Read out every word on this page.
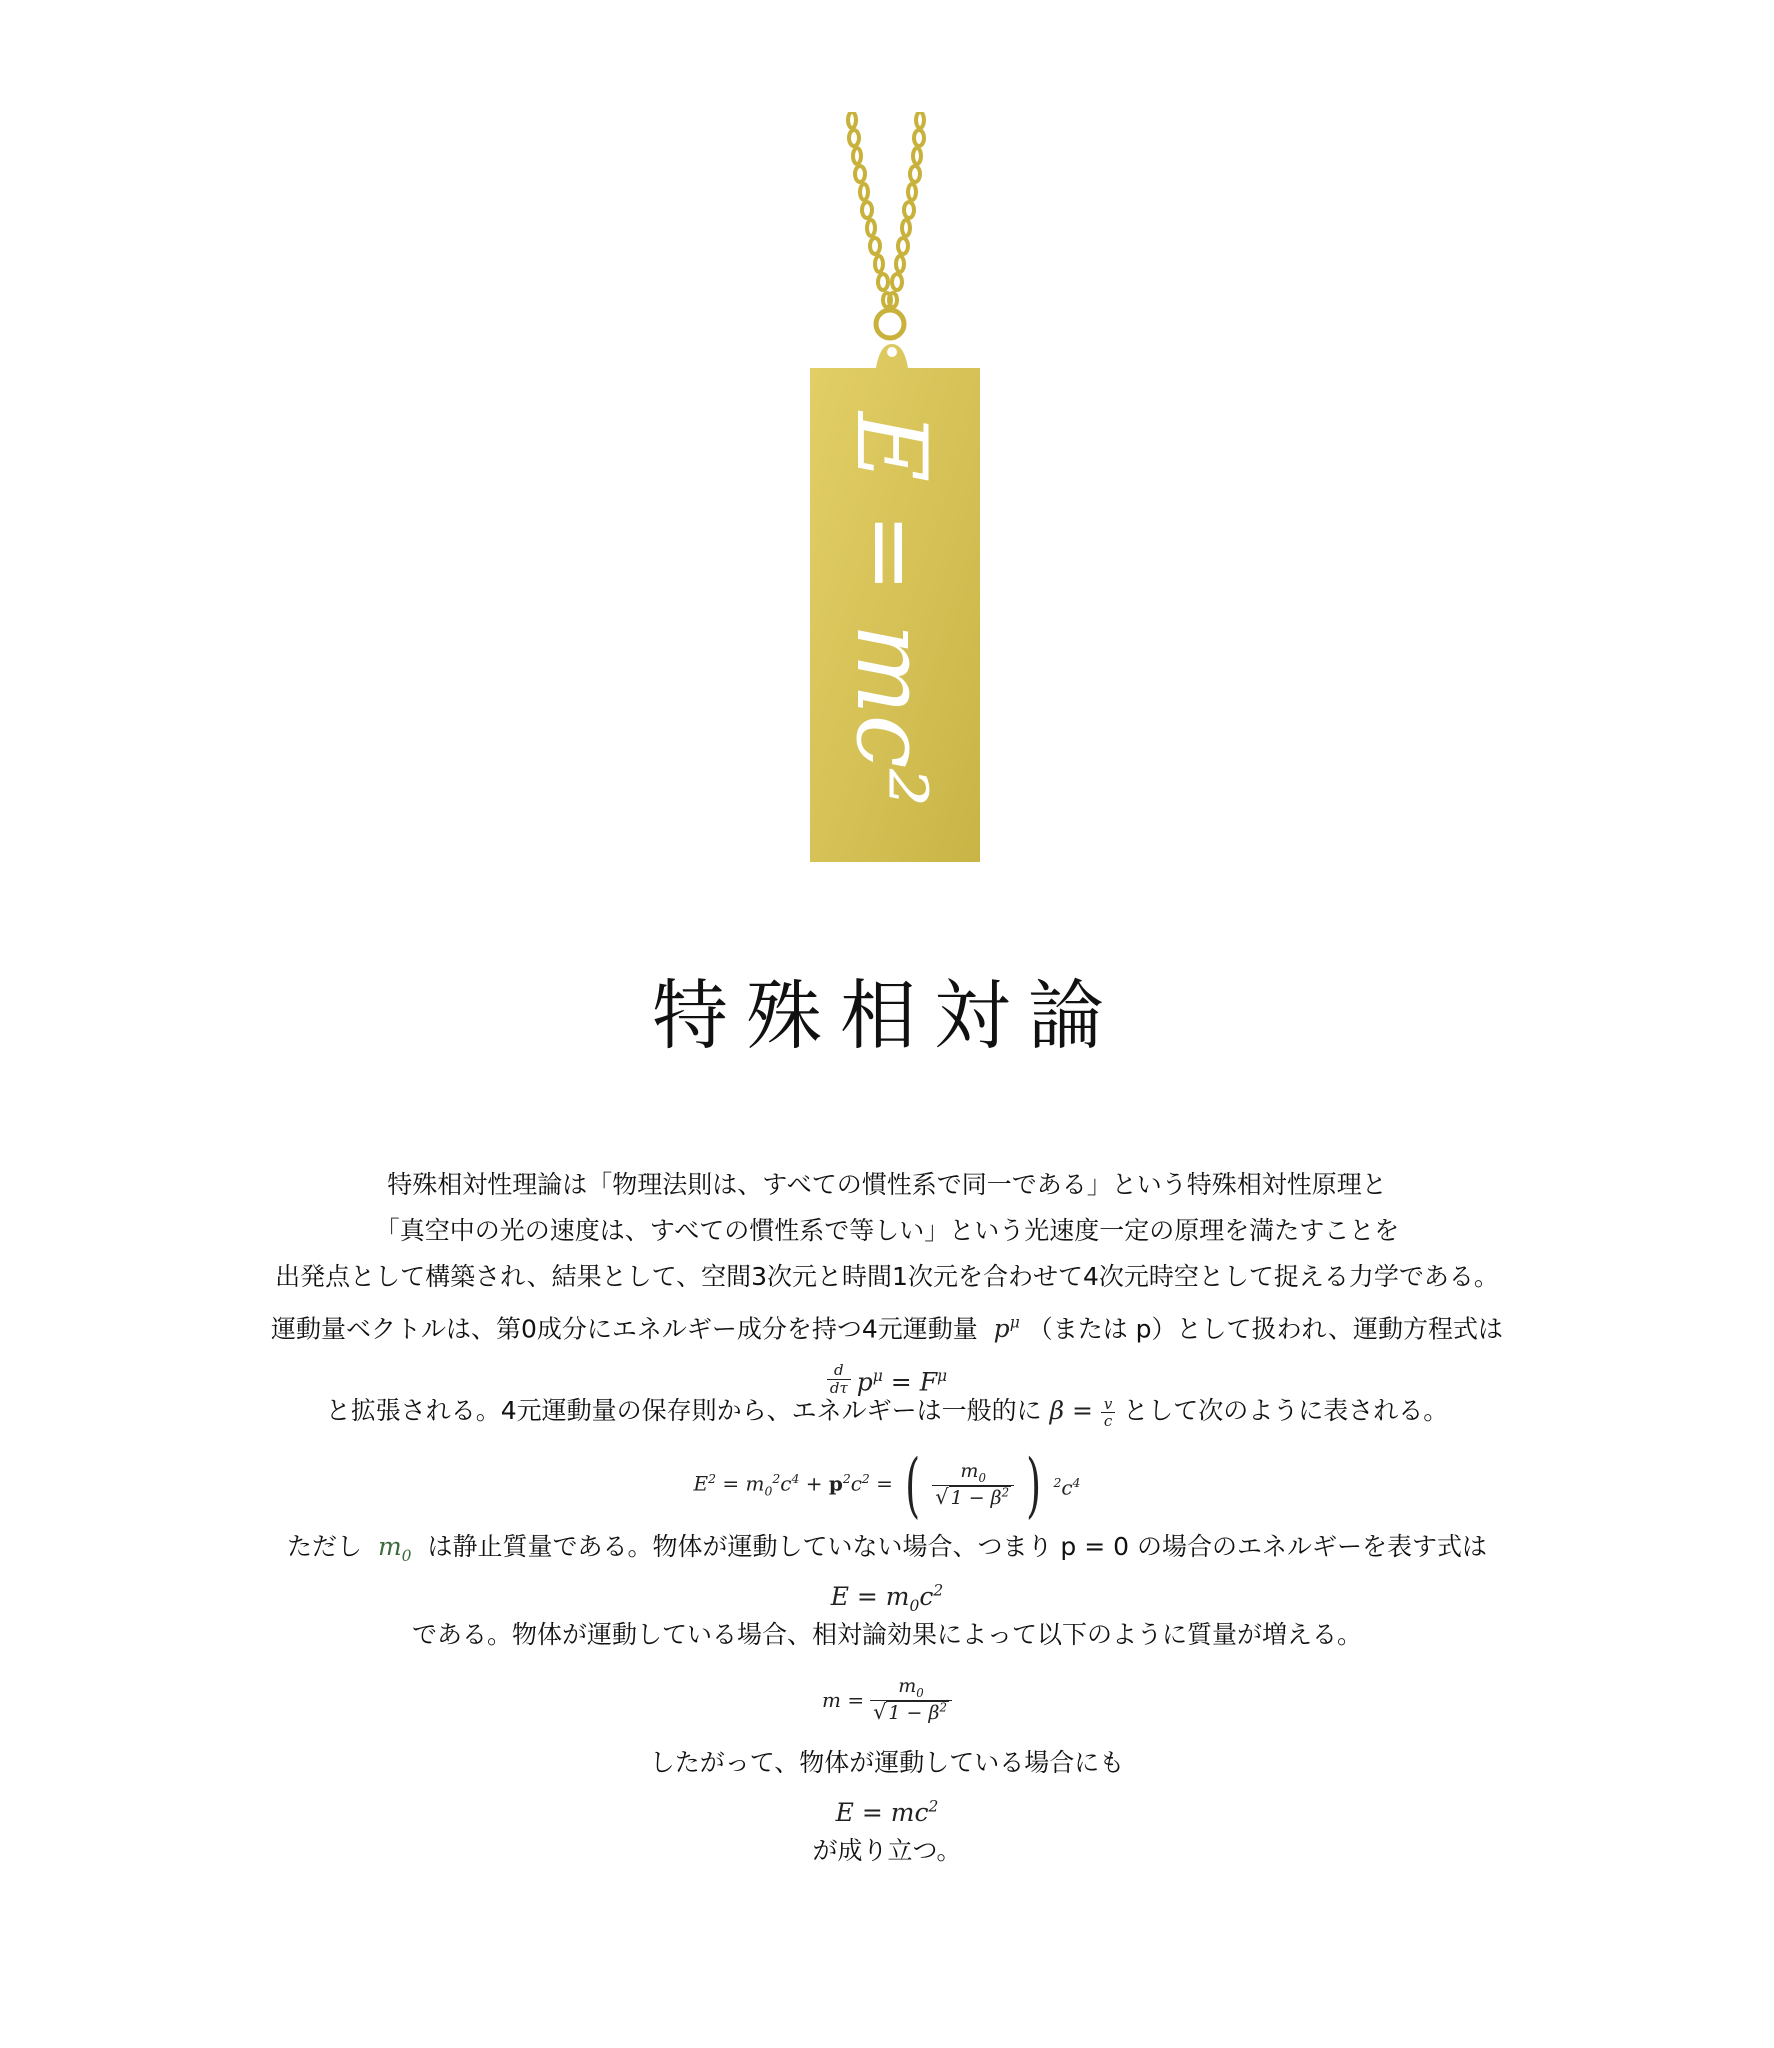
E = mc²
特殊相対論
特殊相対性理論は「物理法則は、すべての慣性系で同一である」という特殊相対性原理と
「真空中の光の速度は、すべての慣性系で等しい」という光速度一定の原理を満たすことを
出発点として構築され、結果として、空間3次元と時間1次元を合わせて4次元時空として捉える力学である。
運動量ベクトルは、第0成分にエネルギー成分を持つ4元運動量  $p^\mu$ （または p）として扱われ、運動方程式は
$\frac{d}{d\tau} p^\mu = F^\mu$
と拡張される。4元運動量の保存則から、エネルギーは一般的に $\beta = \frac{v}{c}$ として次のように表される。
$E^2 = m_0^2c^4 + p^2c^2$ = ( $\frac{m_0}{√ 1 - \beta^2}$ ) $^2c^4$
ただし  $m_0$ は静止質量である。物体が運動していない場合、つまり p = 0 の場合のエネルギーを表す式は
$E = m_0c^2$
である。物体が運動している場合、相対論効果によって以下のように質量が増える。
$m = \frac{m_0}{√ 1 - \beta^2}$
したがって、物体が運動している場合にも
$E = mc^2$
が成り立つ。
